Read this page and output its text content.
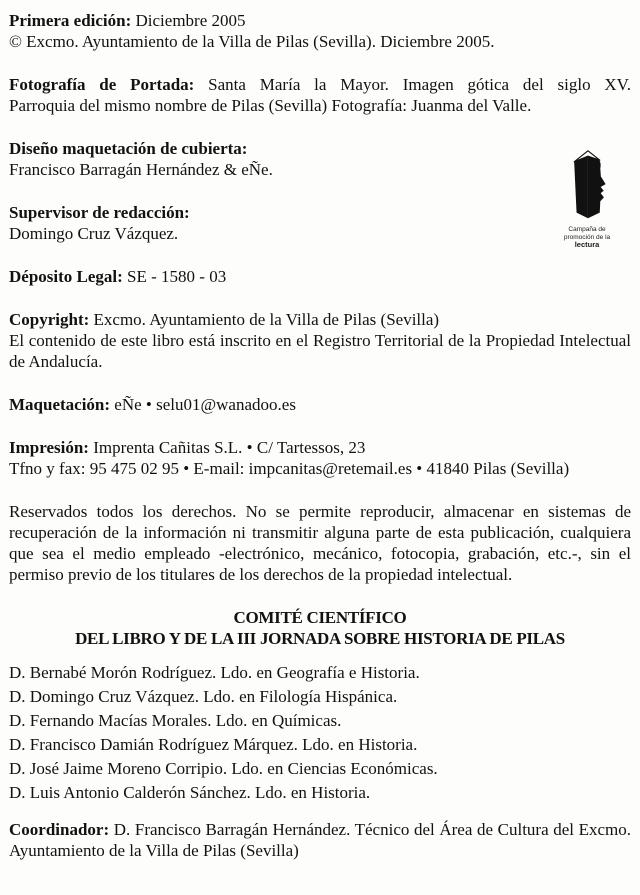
Primera edición: Diciembre 2005
© Excmo. Ayuntamiento de la Villa de Pilas (Sevilla). Diciembre 2005.

Fotografía de Portada: Santa María la Mayor. Imagen gótica del siglo XV.
Parroquia del mismo nombre de Pilas (Sevilla) Fotografía: Juanma del Valle.

Diseño maquetación de cubierta:
Francisco Barragán Hernández & eÑe.

Supervisor de redacción:
Domingo Cruz Vázquez.

Déposito Legal: SE - 1580 - 03

Copyright: Excmo. Ayuntamiento de la Villa de Pilas (Sevilla)
El contenido de este libro está inscrito en el Registro Territorial de la Propiedad Intelectual de Andalucía.

Maquetación: eÑe • selu01@wanadoo.es

Impresión: Imprenta Cañitas S.L. • C/ Tartessos, 23
Tfno y fax: 95 475 02 95 • E-mail: impcanitas@retemail.es • 41840 Pilas (Sevilla)

Reservados todos los derechos. No se permite reproducir, almacenar en sistemas de recuperación de la información ni transmitir alguna parte de esta publicación, cualquiera que sea el medio empleado -electrónico, mecánico, fotocopia, grabación, etc.-, sin el permiso previo de los titulares de los derechos de la propiedad intelectual.

COMITÉ CIENTÍFICO
DEL LIBRO Y DE LA III JORNADA SOBRE HISTORIA DE PILAS
D. Bernabé Morón Rodríguez. Ldo. en Geografía e Historia.
D. Domingo Cruz Vázquez. Ldo. en Filología Hispánica.
D. Fernando Macías Morales. Ldo. en Químicas.
D. Francisco Damián Rodríguez Márquez. Ldo. en Historia.
D. José Jaime Moreno Corripio. Ldo. en Ciencias Económicas.
D. Luis Antonio Calderón Sánchez. Ldo. en Historia.

Coordinador: D. Francisco Barragán Hernández. Técnico del Área de Cultura del Excmo. Ayuntamiento de la Villa de Pilas (Sevilla)

Campaña de
promoción de la
lectura
